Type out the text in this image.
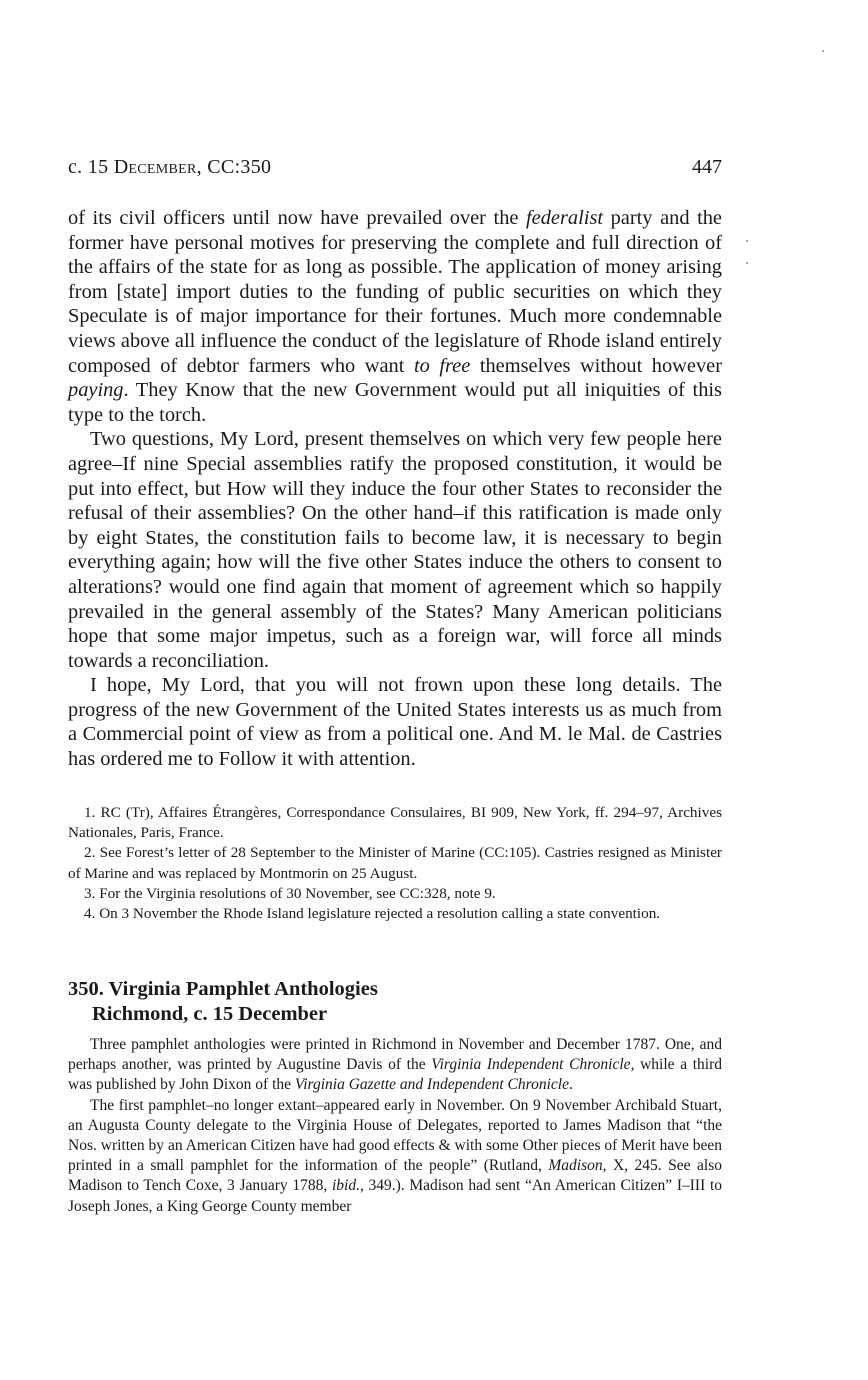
c. 15 December, CC:350	447

of its civil officers until now have prevailed over the federalist party and the former have personal motives for preserving the complete and full direction of the affairs of the state for as long as possible. The application of money arising from [state] import duties to the funding of public securities on which they Speculate is of major importance for their fortunes. Much more condemnable views above all influence the conduct of the legislature of Rhode island entirely composed of debtor farmers who want to free themselves without however paying. They Know that the new Government would put all iniquities of this type to the torch.

Two questions, My Lord, present themselves on which very few people here agree–If nine Special assemblies ratify the proposed constitution, it would be put into effect, but How will they induce the four other States to reconsider the refusal of their assemblies? On the other hand–if this ratification is made only by eight States, the constitution fails to become law, it is necessary to begin everything again; how will the five other States induce the others to consent to alterations? would one find again that moment of agreement which so happily prevailed in the general assembly of the States? Many American politicians hope that some major impetus, such as a foreign war, will force all minds towards a reconciliation.

I hope, My Lord, that you will not frown upon these long details. The progress of the new Government of the United States interests us as much from a Commercial point of view as from a political one. And M. le Mal. de Castries has ordered me to Follow it with attention.

1. RC (Tr), Affaires Étrangères, Correspondance Consulaires, BI 909, New York, ff. 294–97, Archives Nationales, Paris, France.

2. See Forest’s letter of 28 September to the Minister of Marine (CC:105). Castries resigned as Minister of Marine and was replaced by Montmorin on 25 August.

3. For the Virginia resolutions of 30 November, see CC:328, note 9.

4. On 3 November the Rhode Island legislature rejected a resolution calling a state convention.

350. Virginia Pamphlet Anthologies
Richmond, c. 15 December

Three pamphlet anthologies were printed in Richmond in November and December 1787. One, and perhaps another, was printed by Augustine Davis of the Virginia Independent Chronicle, while a third was published by John Dixon of the Virginia Gazette and Independent Chronicle.

The first pamphlet–no longer extant–appeared early in November. On 9 November Archibald Stuart, an Augusta County delegate to the Virginia House of Delegates, reported to James Madison that “the Nos. written by an American Citizen have had good effects & with some Other pieces of Merit have been printed in a small pamphlet for the information of the people” (Rutland, Madison, X, 245. See also Madison to Tench Coxe, 3 January 1788, ibid., 349.). Madison had sent “An American Citizen” I–III to Joseph Jones, a King George County member
